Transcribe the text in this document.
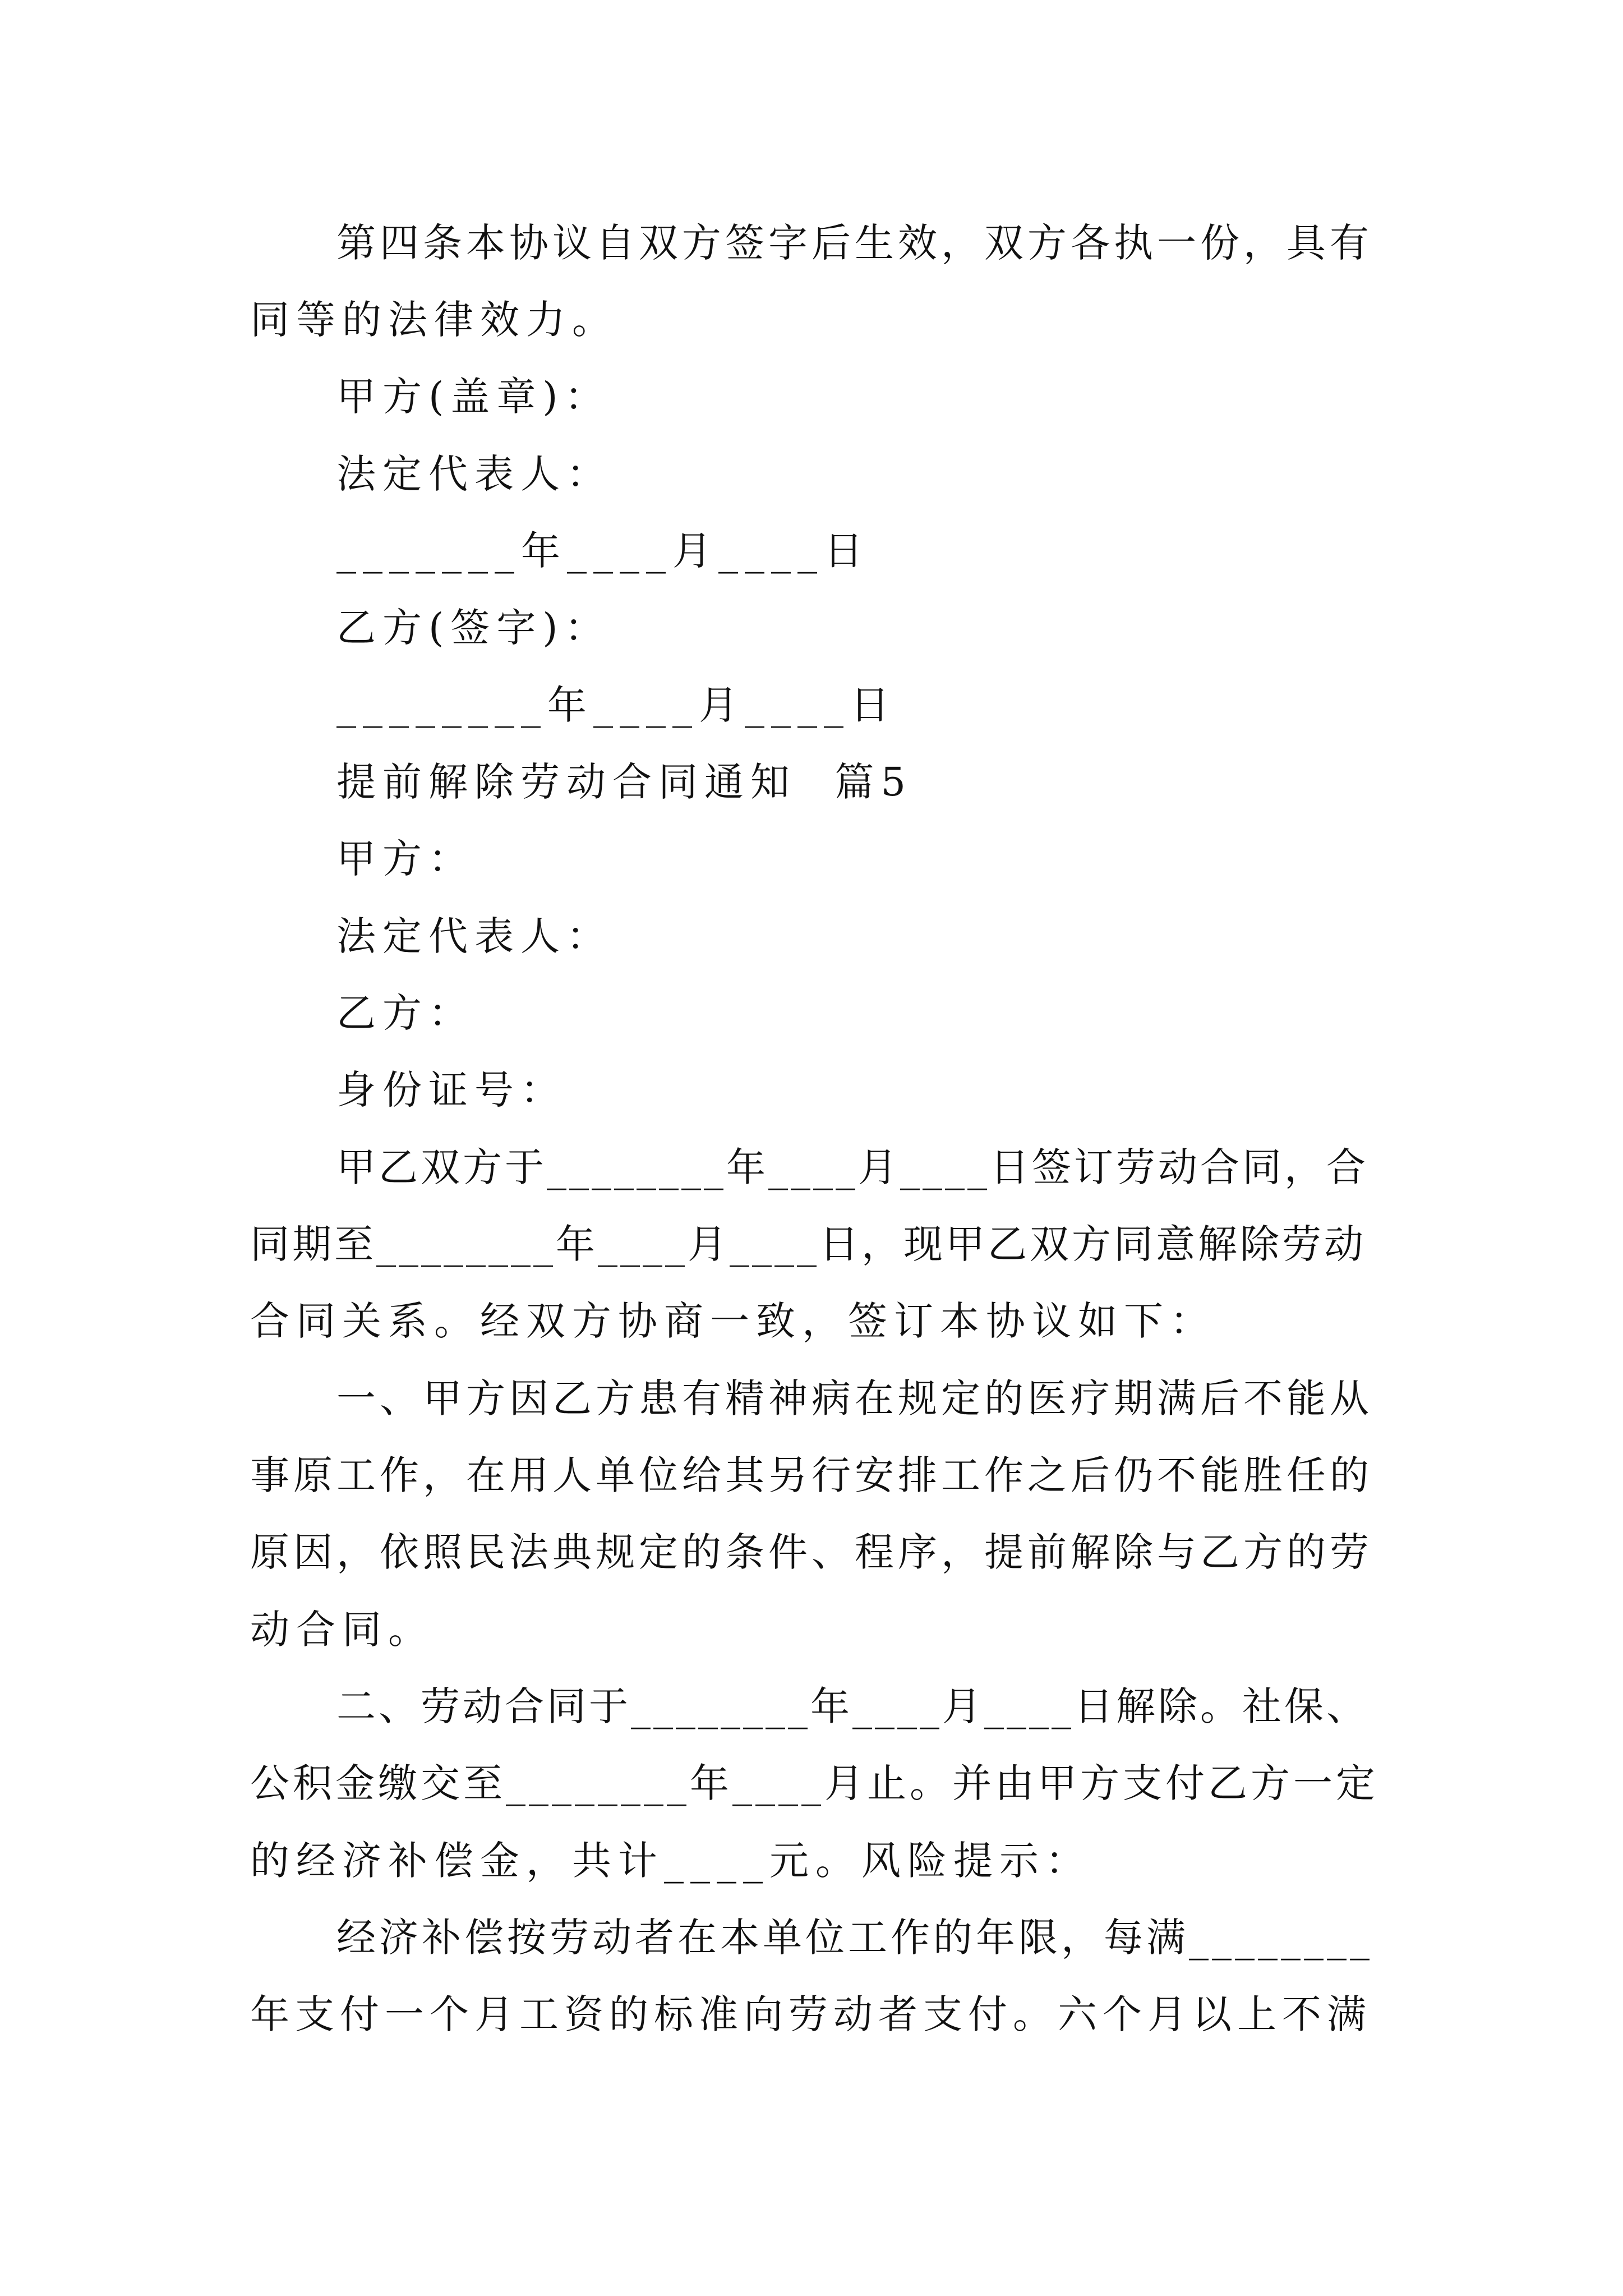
第四条本协议自双方签字后生效，双方各执一份，具有
同等的法律效力。
甲方(盖章)：
法定代表人：
_______年____月____日
乙方(签字)：
________年____月____日
提前解除劳动合同通知  篇5
甲方：
法定代表人：
乙方：
身份证号：
甲乙双方于________年____月____日签订劳动合同，合
同期至________年____月____日，现甲乙双方同意解除劳动
合同关系。经双方协商一致，签订本协议如下：
一、甲方因乙方患有精神病在规定的医疗期满后不能从
事原工作，在用人单位给其另行安排工作之后仍不能胜任的
原因，依照民法典规定的条件、程序，提前解除与乙方的劳
动合同。
二、劳动合同于________年____月____日解除。社保、
公积金缴交至________年____月止。并由甲方支付乙方一定
的经济补偿金，共计____元。风险提示：
经济补偿按劳动者在本单位工作的年限，每满________
年支付一个月工资的标准向劳动者支付。六个月以上不满
